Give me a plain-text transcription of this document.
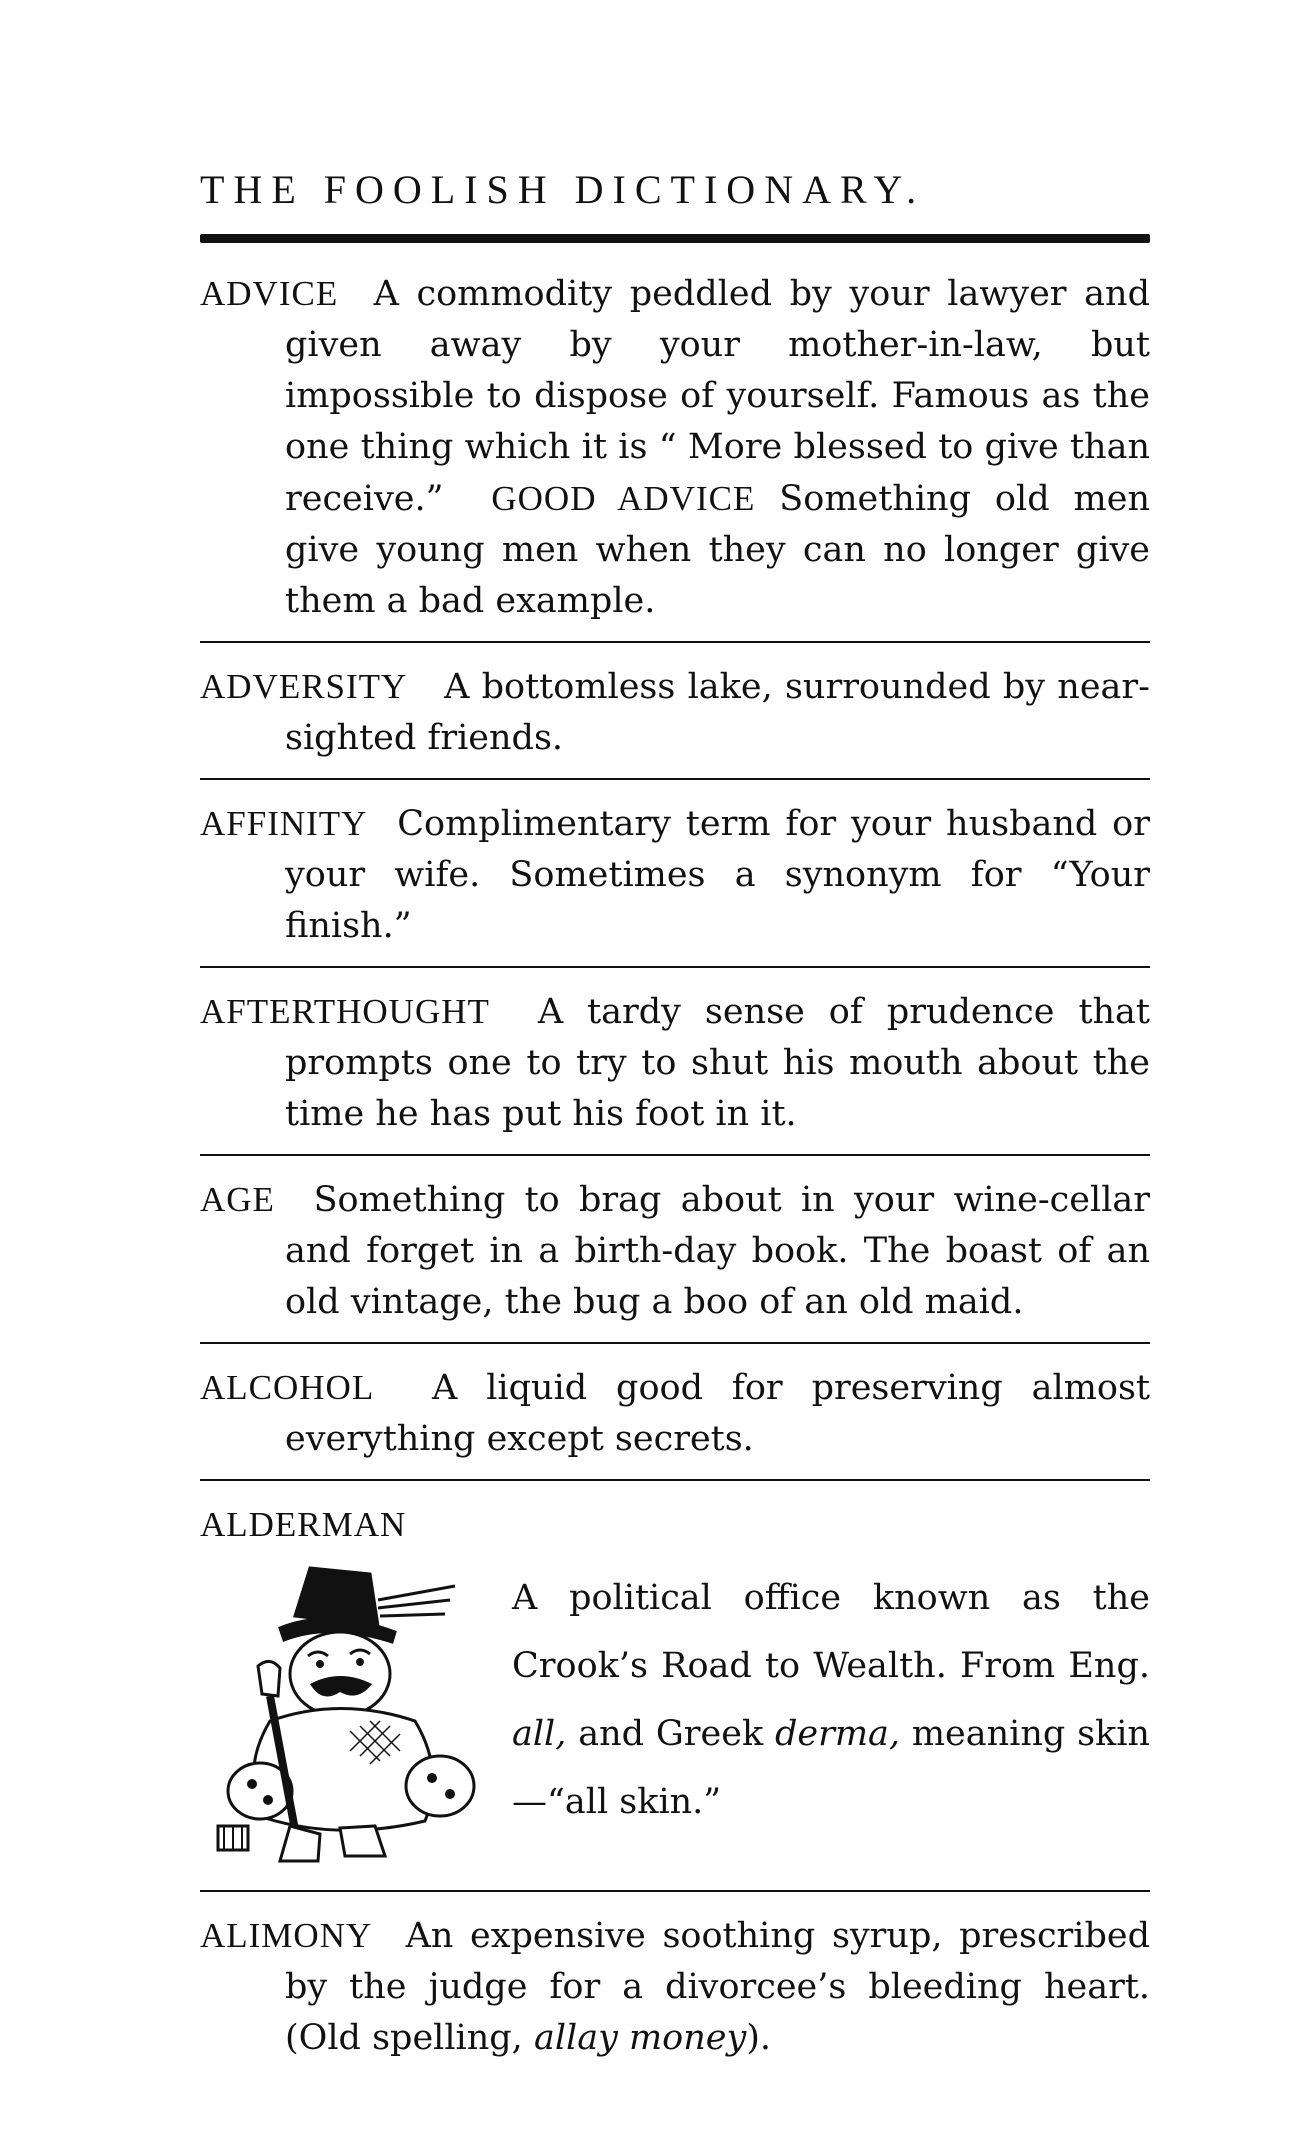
THE FOOLISH DICTIONARY.

ADVICE A commodity peddled by your lawyer and given away by your mother-in-law, but impossible to dispose of yourself. Famous as the one thing which it is “ More blessed to give than receive.” GOOD ADVICE Something old men give young men when they can no longer give them a bad example.

ADVERSITY A bottomless lake, surrounded by near-sighted friends.

AFFINITY Complimentary term for your husband or your wife. Sometimes a synonym for “Your finish.”

AFTERTHOUGHT A tardy sense of prudence that prompts one to try to shut his mouth about the time he has put his foot in it.

AGE Something to brag about in your wine-cellar and forget in a birth-day book. The boast of an old vintage, the bug a boo of an old maid.

ALCOHOL A liquid good for preserving almost everything except secrets.

ALDERMAN
A political office known as the Crook’s Road to Wealth. From Eng. all, and Greek derma, meaning skin—“all skin.”

ALIMONY An expensive soothing syrup, prescribed by the judge for a divorcee’s bleeding heart. (Old spelling, allay money).
